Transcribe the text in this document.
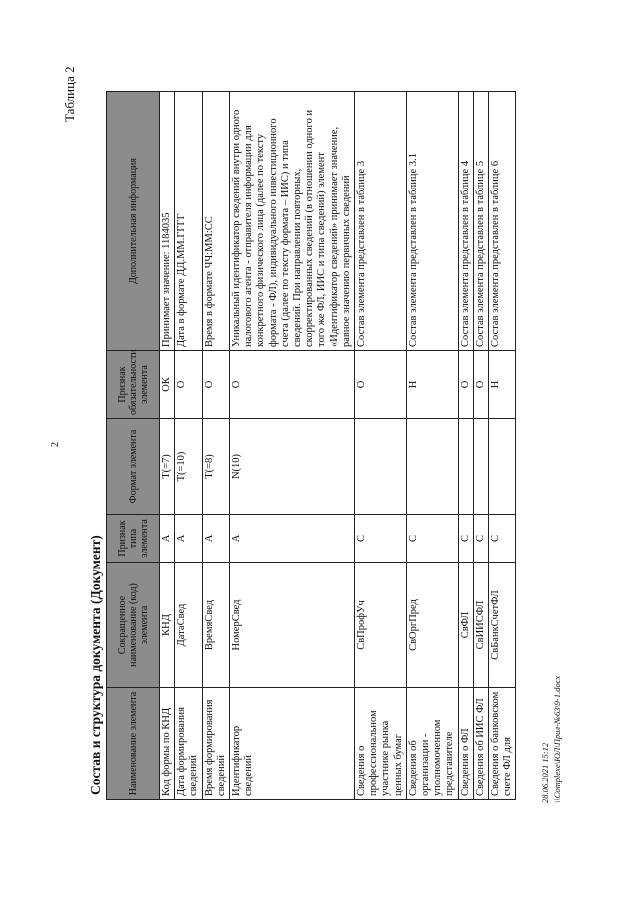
2
Таблица 2
Состав и структура документа (Документ) Наименование элемента	Сокращенное наименование (код) элемента	Признак типа элемента	Формат элемента	Признак обязательности элемента	Дополнительная информация
Код формы по КНД	КНД	А	Т(=7)	ОК	Принимает значение: 1184035
Дата формирования сведений	ДатаСвед	А	Т(=10)	О	Дата в формате ДД.ММ.ГГГГ
Время формирования сведений	ВремяСвед	А	Т(=8)	О	Время в формате ЧЧ:ММ:СС
Идентификатор сведений	НомерСвед	А	N(10)	О	Уникальный идентификатор сведений внутри одного налогового агента - отправителя информации для конкретного физического лица (далее по тексту формата - ФЛ), индивидуального инвестиционного счета (далее по тексту формата – ИИС) и типа сведений. При направлении повторных, скорректированных сведений (в отношении одного и того же ФЛ, ИИС и типа сведений) элемент «Идентификатор сведений» принимает значение, равное значению первичных сведений
Сведения о профессиональном участнике рынка ценных бумаг	СвПрофУч	С		О	Состав элемента представлен в таблице 3
Сведения об организации - уполномоченном представителе	СвОргПред	С		Н	Состав элемента представлен в таблице 3.1
Сведения о ФЛ	СвФЛ	С		О	Состав элемента представлен в таблице 4
Сведения об ИИС ФЛ	СвИИСФЛ	С		О	Состав элемента представлен в таблице 5
Сведения о банковском счете ФЛ для	СвБанкСчетФЛ	С		Н	Состав элемента представлен в таблице 6
28.06.2021 15:12 \\Сomplexe\ЮЛ\Прил-№63\9-1.docx
